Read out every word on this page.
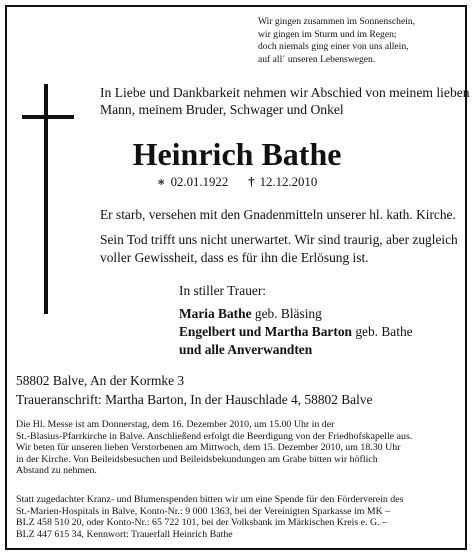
Wir gingen zusammen im Sonnenschein,
wir gingen im Sturm und im Regen;
doch niemals ging einer von uns allein,
auf all´ unseren Lebenswegen.
In Liebe und Dankbarkeit nehmen wir Abschied von meinem lieben
Mann, meinem Bruder, Schwager und Onkel
Heinrich Bathe
∗ 02.01.1922 † 12.12.2010
Er starb, versehen mit den Gnadenmitteln unserer hl. kath. Kirche.
Sein Tod trifft uns nicht unerwartet. Wir sind traurig, aber zugleich
voller Gewissheit, dass es für ihn die Erlösung ist.
In stiller Trauer:
Maria Bathe geb. Bläsing
Engelbert und Martha Barton geb. Bathe
und alle Anverwandten
58802 Balve, An der Kormke 3
Traueranschrift: Martha Barton, In der Hauschlade 4, 58802 Balve
Die Hl. Messe ist am Donnerstag, dem 16. Dezember 2010, um 15.00 Uhr in der
St.-Blasius-Pfarrkirche in Balve. Anschließend erfolgt die Beerdigung von der Friedhofskapelle aus.
Wir beten für unseren lieben Verstorbenen am Mittwoch, dem 15. Dezember 2010, um 18.30 Uhr
in der Kirche. Von Beileidsbesuchen und Beileidsbekundungen am Grabe bitten wir höflich
Abstand zu nehmen.
Statt zugedachter Kranz- und Blumenspenden bitten wir um eine Spende für den Förderverein des
St.-Marien-Hospitals in Balve, Konto-Nr.: 9 000 1363, bei der Vereinigten Sparkasse im MK –
BLZ 458 510 20, oder Konto-Nr.: 65 722 101, bei der Volksbank im Märkischen Kreis e. G. –
BLZ 447 615 34, Kennwort: Trauerfall Heinrich Bathe
